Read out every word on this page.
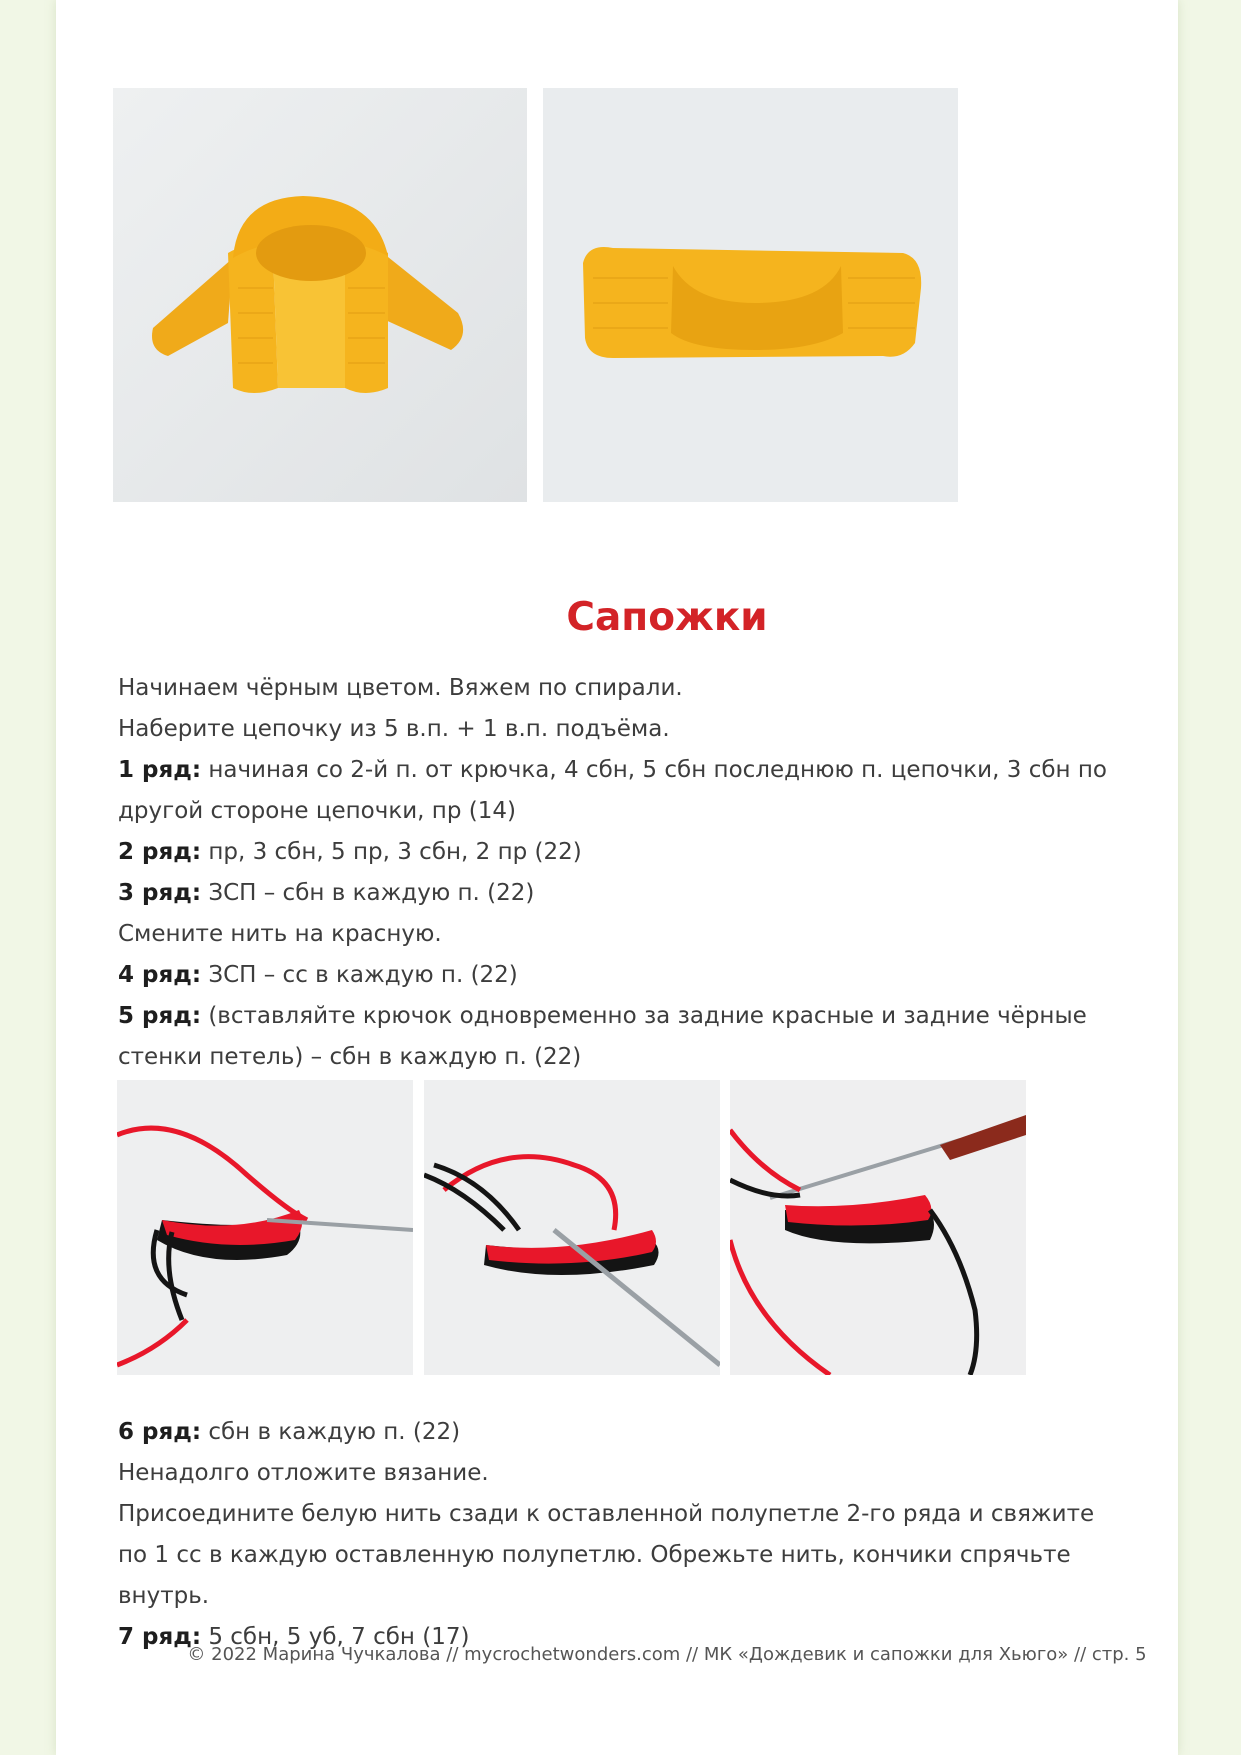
Сапожки
Начинаем чёрным цветом. Вяжем по спирали.
Наберите цепочку из 5 в.п. + 1 в.п. подъёма.
1 ряд: начиная со 2-й п. от крючка, 4 сбн, 5 сбн последнюю п. цепочки, 3 сбн по другой стороне цепочки, пр (14)
2 ряд: пр, 3 сбн, 5 пр, 3 сбн, 2 пр (22)
3 ряд: ЗСП – сбн в каждую п. (22)
Смените нить на красную.
4 ряд: ЗСП – сс в каждую п. (22)
5 ряд: (вставляйте крючок одновременно за задние красные и задние чёрные стенки петель) – сбн в каждую п. (22)
6 ряд: сбн в каждую п. (22)
Ненадолго отложите вязание.
Присоедините белую нить сзади к оставленной полупетле 2-го ряда и свяжите по 1 сс в каждую оставленную полупетлю. Обрежьте нить, кончики спрячьте внутрь.
7 ряд: 5 сбн, 5 уб, 7 сбн (17)
© 2022 Марина Чучкалова // mycrochetwonders.com // МК «Дождевик и сапожки для Хьюго» // стр. 5
